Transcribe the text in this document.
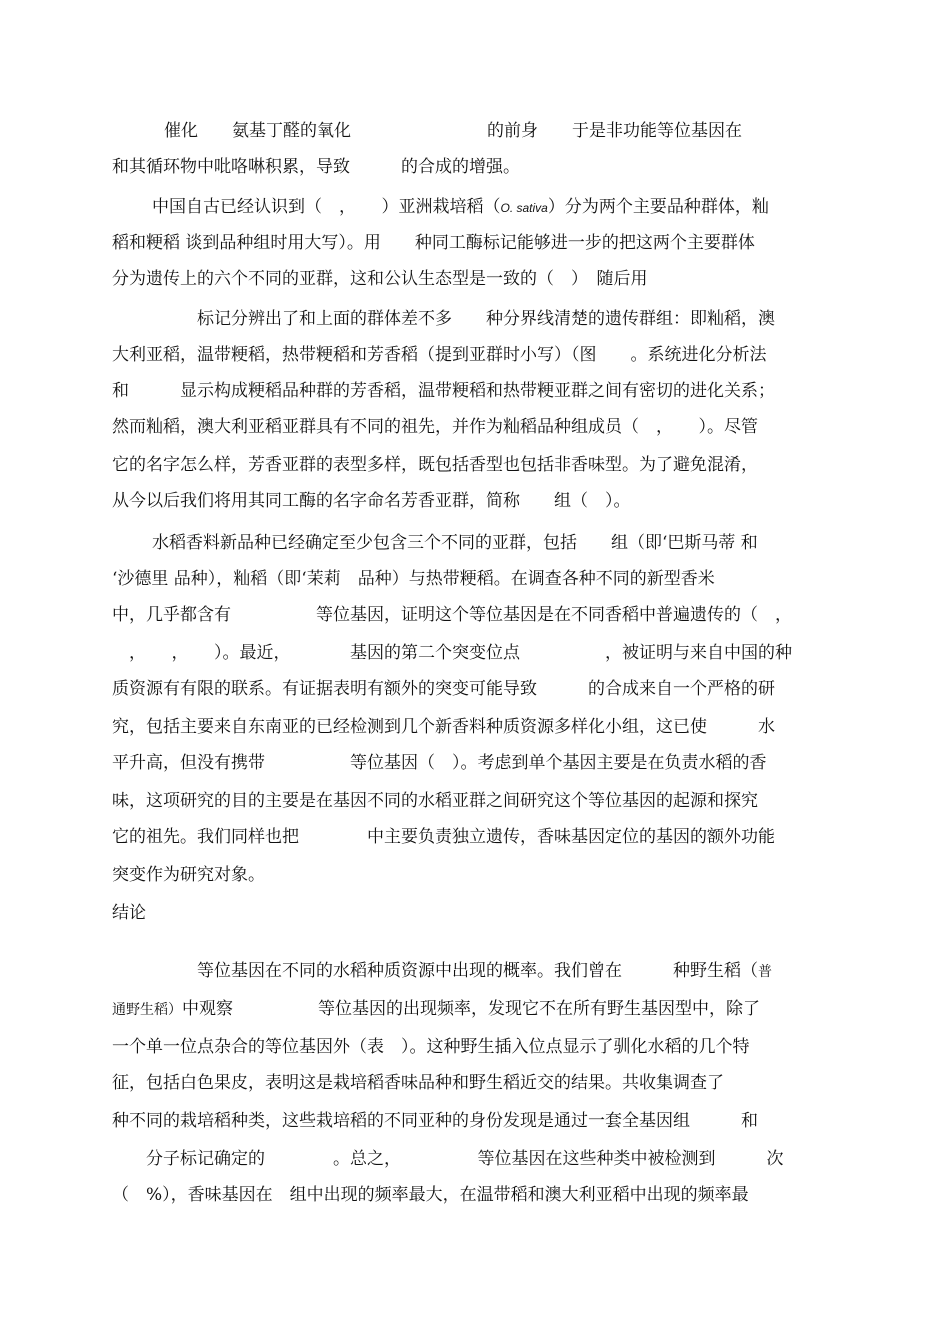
催化　　氨基丁醛的氧化　　　　　　　　的前身　　于是非功能等位基因在

和其循环物中吡咯啉积累，导致　　　的合成的增强。

中国自古已经认识到（　，　　）亚洲栽培稻（O. sativa）分为两个主要品种群体，籼

稻和粳稻 谈到品种组时用大写）。用　　种同工酶标记能够进一步的把这两个主要群体

分为遗传上的六个不同的亚群，这和公认生态型是一致的（　）　随后用

　　　　　标记分辨出了和上面的群体差不多　　种分界线清楚的遗传群组：即籼稻，澳

大利亚稻，温带粳稻，热带粳稻和芳香稻（提到亚群时小写）（图　　。系统进化分析法

和　　　显示构成粳稻品种群的芳香稻，温带粳稻和热带粳亚群之间有密切的进化关系；

然而籼稻，澳大利亚稻亚群具有不同的祖先，并作为籼稻品种组成员（　，　　）。尽管

它的名字怎么样，芳香亚群的表型多样，既包括香型也包括非香味型。为了避免混淆，

从今以后我们将用其同工酶的名字命名芳香亚群，简称　　组（　）。

水稻香料新品种已经确定至少包含三个不同的亚群，包括　　组（即‘巴斯马蒂 和

‘沙德里 品种），籼稻（即‘茉莉　品种）与热带粳稻。在调查各种不同的新型香米

中，几乎都含有　　　　　等位基因，证明这个等位基因是在不同香稻中普遍遗传的（　，

　，　　，　　）。最近，　　　　基因的第二个突变位点　　　　　，被证明与来自中国的种

质资源有有限的联系。有证据表明有额外的突变可能导致　　　的合成来自一个严格的研

究，包括主要来自东南亚的已经检测到几个新香料种质资源多样化小组，这已使　　　水

平升高，但没有携带　　　　　等位基因（　）。考虑到单个基因主要是在负责水稻的香

味，这项研究的目的主要是在基因不同的水稻亚群之间研究这个等位基因的起源和探究

它的祖先。我们同样也把　　　　中主要负责独立遗传，香味基因定位的基因的额外功能

突变作为研究对象。

结论

　　　　　等位基因在不同的水稻种质资源中出现的概率。我们曾在　　　种野生稻（普

通野生稻）中观察　　　　　等位基因的出现频率，发现它不在所有野生基因型中，除了

一个单一位点杂合的等位基因外（表　）。这种野生插入位点显示了驯化水稻的几个特

征，包括白色果皮，表明这是栽培稻香味品种和野生稻近交的结果。共收集调查了

种不同的栽培稻种类，这些栽培稻的不同亚种的身份发现是通过一套全基因组　　　和

　　分子标记确定的　　　　。总之，　　　　　等位基因在这些种类中被检测到　　　次

（　%），香味基因在　组中出现的频率最大，在温带稻和澳大利亚稻中出现的频率最
